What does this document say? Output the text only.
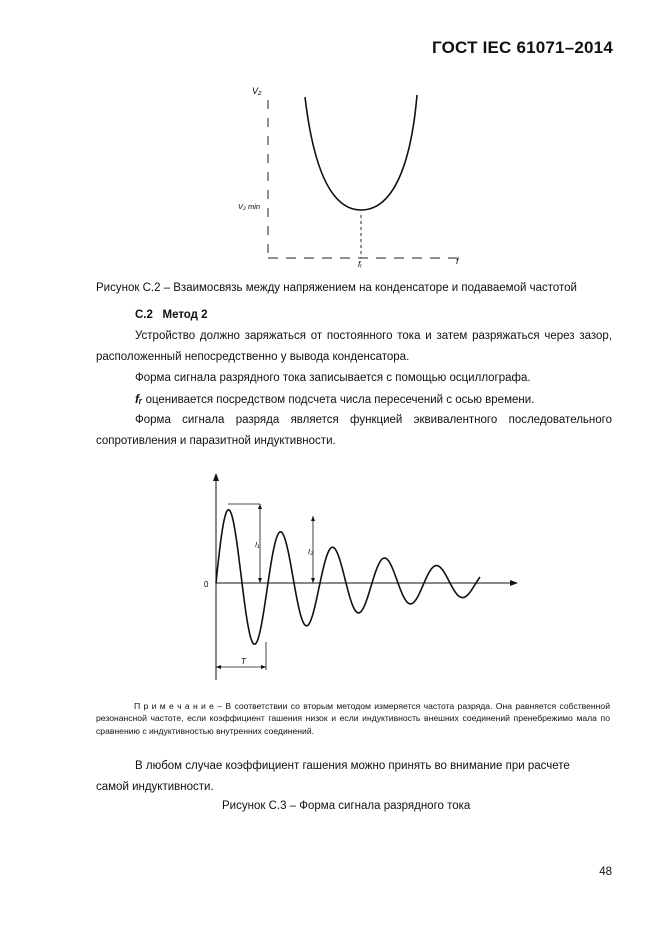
ГОСТ IEC 61071–2014
V₂
V₂ min
fᵣ	f
Рисунок С.2 – Взаимосвязь между напряжением на конденсаторе и подаваемой частотой
С.2 Метод 2
Устройство должно заряжаться от постоянного тока и затем разряжаться через зазор, расположенный непосредственно у вывода конденсатора.
Форма сигнала разрядного тока записывается с помощью осциллографа.
fᵣ оценивается посредством подсчета числа пересечений с осью времени.
Форма сигнала разряда является функцией эквивалентного последовательного сопротивления и паразитной индуктивности.
0
I₁
I₂
T
П р и м е ч а н и е – В соответствии со вторым методом измеряется частота разряда. Она равняется собственной резонансной частоте, если коэффициент гашения низок и если индуктивность внешних соединений пренебрежимо мала по сравнению с индуктивностью внутренних соединений.
В любом случае коэффициент гашения можно принять во внимание при расчете самой индуктивности.
Рисунок С.3 – Форма сигнала разрядного тока
48
